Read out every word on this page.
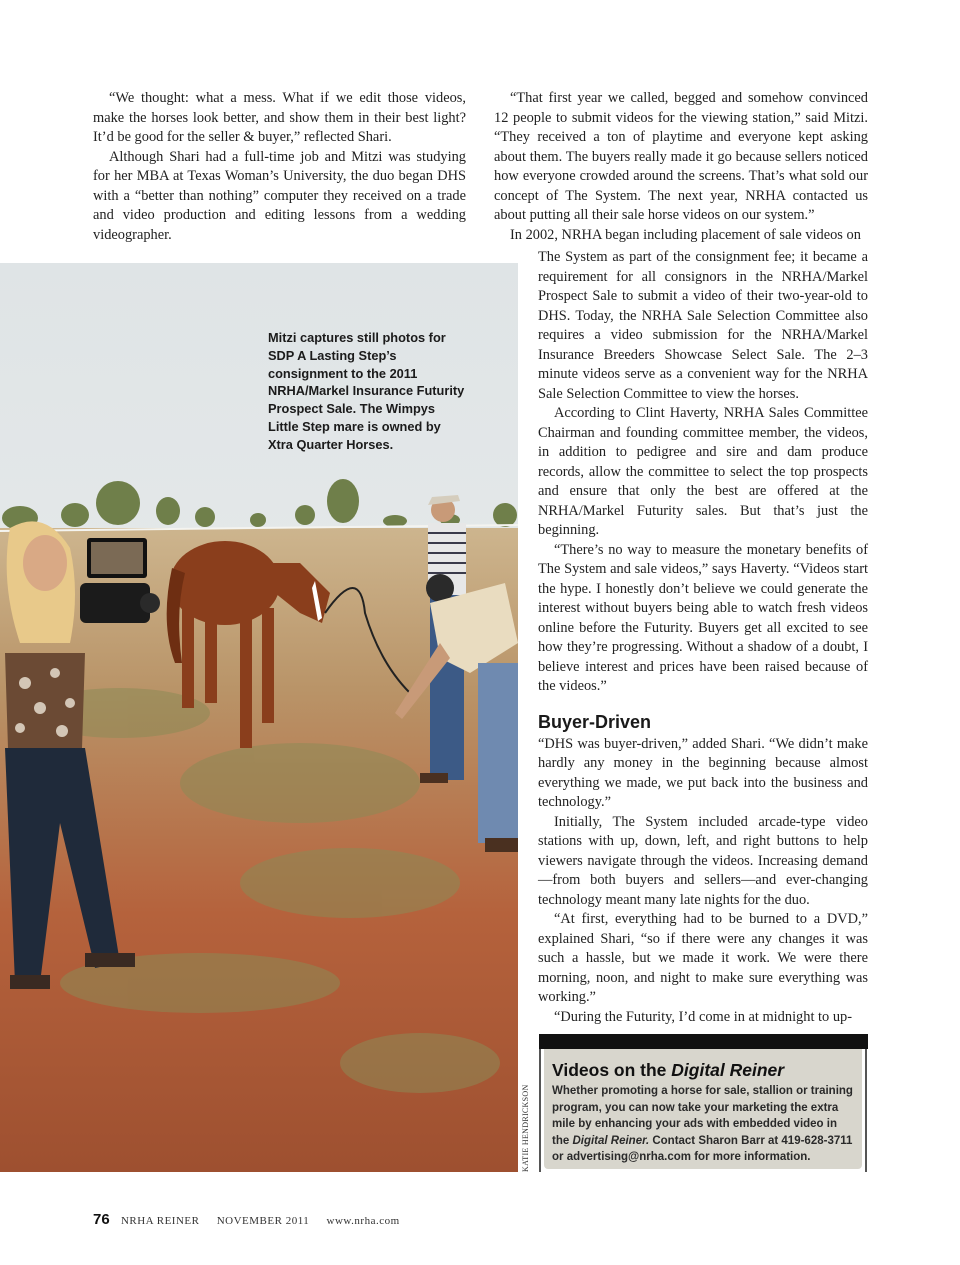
“We thought: what a mess. What if we edit those videos, make the horses look better, and show them in their best light? It’d be good for the seller & buyer,” reflected Shari.

Although Shari had a full-time job and Mitzi was studying for her MBA at Texas Woman’s University, the duo began DHS with a “better than nothing” computer they received on a trade and video production and editing lessons from a wedding videographer.

“That first year we called, begged and somehow convinced 12 people to submit videos for the viewing station,” said Mitzi. “They received a ton of playtime and everyone kept asking about them. The buyers really made it go because sellers noticed how everyone crowded around the screens. That’s what sold our concept of The System. The next year, NRHA contacted us about putting all their sale horse videos on our system.”

In 2002, NRHA began including placement of sale videos on

The System as part of the consignment fee; it became a requirement for all consignors in the NRHA/Markel Prospect Sale to submit a video of their two-year-old to DHS. Today, the NRHA Sale Selection Committee also requires a video submission for the NRHA/Markel Insurance Breeders Showcase Select Sale. The 2–3 minute videos serve as a convenient way for the NRHA Sale Selection Committee to view the horses.

According to Clint Haverty, NRHA Sales Committee Chairman and founding committee member, the videos, in addition to pedigree and sire and dam produce records, allow the committee to select the top prospects and ensure that only the best are offered at the NRHA/Markel Futurity sales. But that’s just the beginning.

“There’s no way to measure the monetary benefits of The System and sale videos,” says Haverty. “Videos start the hype. I honestly don’t believe we could generate the interest without buyers being able to watch fresh videos online before the Futurity. Buyers get all excited to see how they’re progressing. Without a shadow of a doubt, I believe interest and prices have been raised because of the videos.”

Buyer-Driven

“DHS was buyer-driven,” added Shari. “We didn’t make hardly any money in the beginning because almost everything we made, we put back into the business and technology.”

Initially, The System included arcade-type video stations with up, down, left, and right buttons to help viewers navigate through the videos. Increasing demand—from both buyers and sellers—and ever-changing technology meant many late nights for the duo.

“At first, everything had to be burned to a DVD,” explained Shari, “so if there were any changes it was such a hassle, but we made it work. We were there morning, noon, and night to make sure everything was working.”

“During the Futurity, I’d come in at midnight to up-

Mitzi captures still photos for SDP A Lasting Step’s consignment to the 2011 NRHA/Markel Insurance Futurity Prospect Sale. The Wimpys Little Step mare is owned by Xtra Quarter Horses.
KATIE HENDRICKSON
Videos on the Digital Reiner
Whether promoting a horse for sale, stallion or training program, you can now take your marketing the extra mile by enhancing your ads with embedded video in the Digital Reiner. Contact Sharon Barr at 419-628-3711 or advertising@nrha.com for more information.
76 NRHA REINER NOVEMBER 2011 www.nrha.com
